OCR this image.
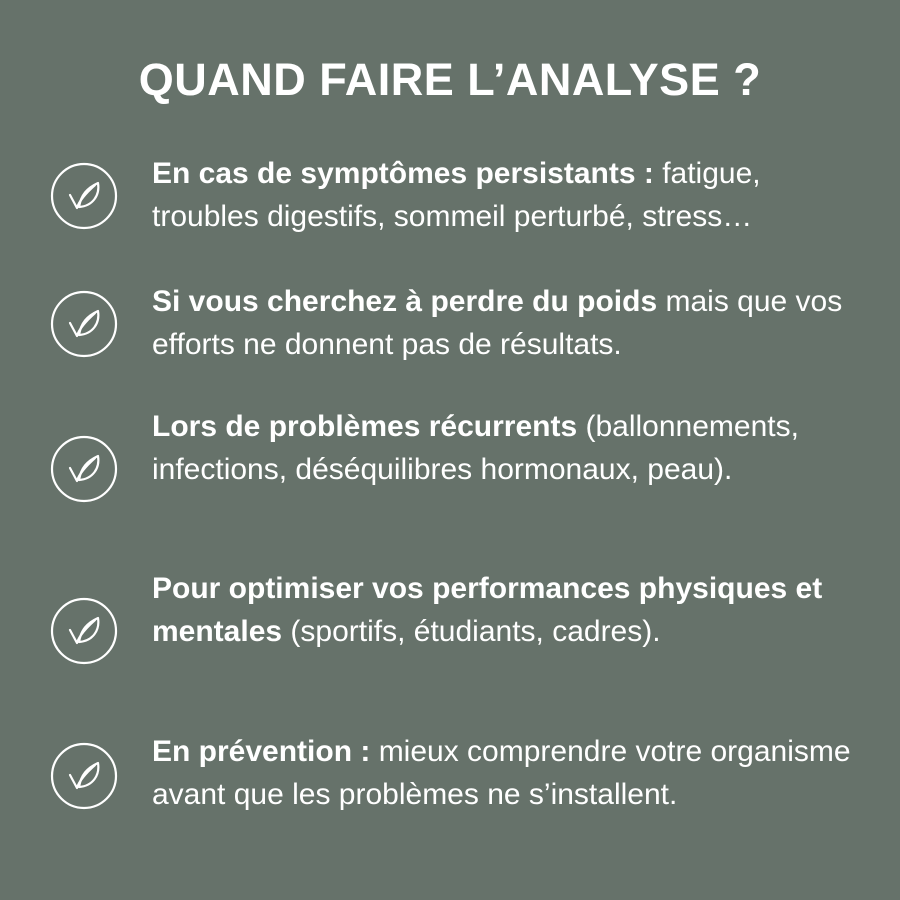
QUAND FAIRE L’ANALYSE ?

En cas de symptômes persistants : fatigue, troubles digestifs, sommeil perturbé, stress…

Si vous cherchez à perdre du poids mais que vos efforts ne donnent pas de résultats.

Lors de problèmes récurrents (ballonnements, infections, déséquilibres hormonaux, peau).

Pour optimiser vos performances physiques et mentales (sportifs, étudiants, cadres).

En prévention : mieux comprendre votre organisme avant que les problèmes ne s’installent.
